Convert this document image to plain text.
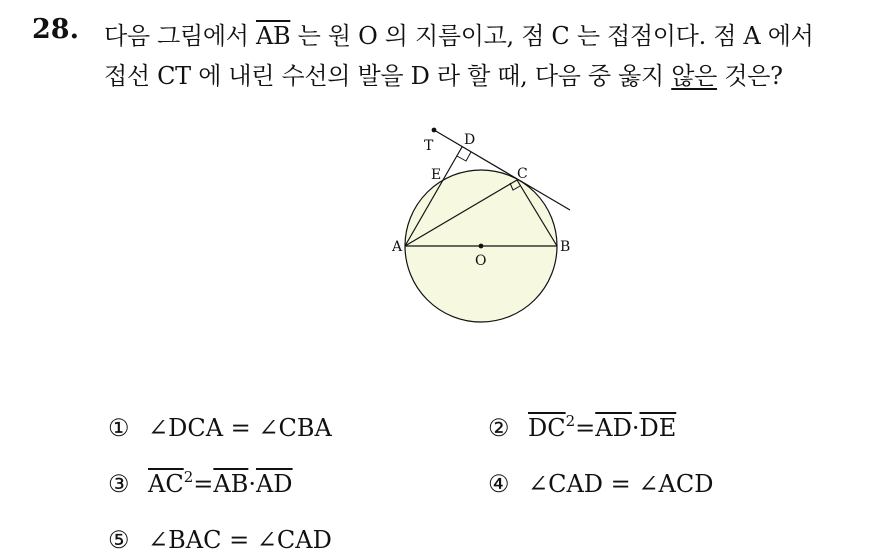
28. 다음 그림에서 $\overline{AB}$ 는 원 O 의 지름이고, 점 C 는 접점이다. 점 A 에서
접선 CT 에 내린 수선의 발을 D 라 할 때, 다음 중 옳지 않은 것은?
T D
E	C
A	B
O
① ∠DCA = ∠CBA	② $\overline{DC}^2=\overline{AD}\cdot\overline{DE}$
③ $\overline{AC}^2=\overline{AB}\cdot\overline{AD}$	④ ∠CAD = ∠ACD
⑤ ∠BAC = ∠CAD
